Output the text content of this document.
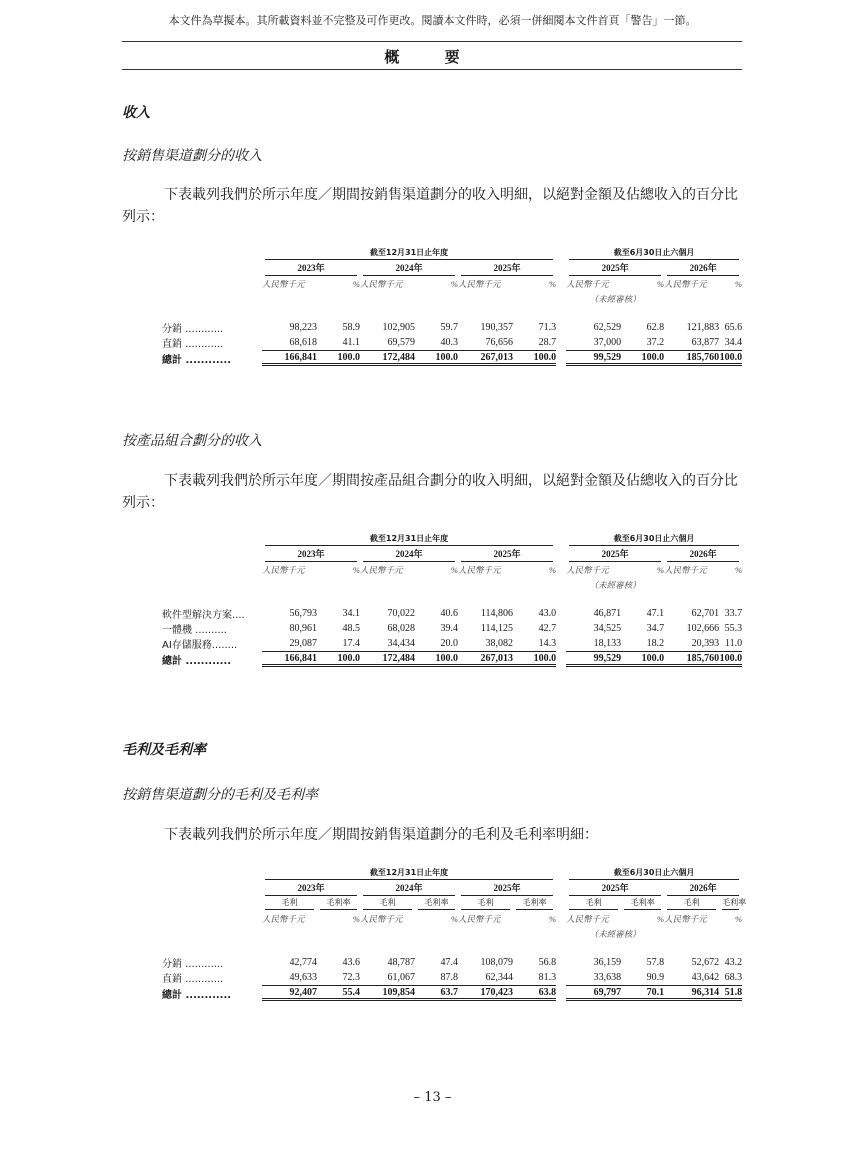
本文件為草擬本。其所載資料並不完整及可作更改。閱讀本文件時，必須一併細閱本文件首頁「警告」一節。
概 要
收入
按銷售渠道劃分的收入
下表載列我們於所示年度／期間按銷售渠道劃分的收入明細，以絕對金額及佔總收入的百分比列示：
	截至12月31日止年度							截至6月30日止六個月			
	2023年		2024年		2025年			2025年		2026年	
	人民幣千元	%	人民幣千元	%	人民幣千元	%		人民幣千元	%	人民幣千元	%
								（未經審核）			

分銷 ............	98,223	58.9	102,905	59.7	190,357	71.3		62,529	62.8	121,883	65.6
直銷 ............	68,618	41.1	69,579	40.3	76,656	28.7		37,000	37.2	63,877	34.4
總計 ............	166,841	100.0	172,484	100.0	267,013	100.0		99,529	100.0	185,760	100.0
按產品組合劃分的收入
下表載列我們於所示年度／期間按產品組合劃分的收入明細，以絕對金額及佔總收入的百分比列示：
	截至12月31日止年度							截至6月30日止六個月			
	2023年		2024年		2025年			2025年		2026年	
	人民幣千元	%	人民幣千元	%	人民幣千元	%		人民幣千元	%	人民幣千元	%
								（未經審核）			

軟件型解決方案....	56,793	34.1	70,022	40.6	114,806	43.0		46,871	47.1	62,701	33.7
一體機 ..........	80,961	48.5	68,028	39.4	114,125	42.7		34,525	34.7	102,666	55.3
AI存儲服務........	29,087	17.4	34,434	20.0	38,082	14.3		18,133	18.2	20,393	11.0
總計 ............	166,841	100.0	172,484	100.0	267,013	100.0		99,529	100.0	185,760	100.0
毛利及毛利率
按銷售渠道劃分的毛利及毛利率
下表載列我們於所示年度／期間按銷售渠道劃分的毛利及毛利率明細：
	截至12月31日止年度							截至6月30日止六個月			
	2023年		2024年		2025年			2025年		2026年	
	毛利	毛利率	毛利	毛利率	毛利	毛利率		毛利	毛利率	毛利	毛利率
	人民幣千元	%	人民幣千元	%	人民幣千元	%		人民幣千元	%	人民幣千元	%
								（未經審核）			

分銷 ............	42,774	43.6	48,787	47.4	108,079	56.8		36,159	57.8	52,672	43.2
直銷 ............	49,633	72.3	61,067	87.8	62,344	81.3		33,638	90.9	43,642	68.3
總計 ............	92,407	55.4	109,854	63.7	170,423	63.8		69,797	70.1	96,314	51.8
– 13 –
